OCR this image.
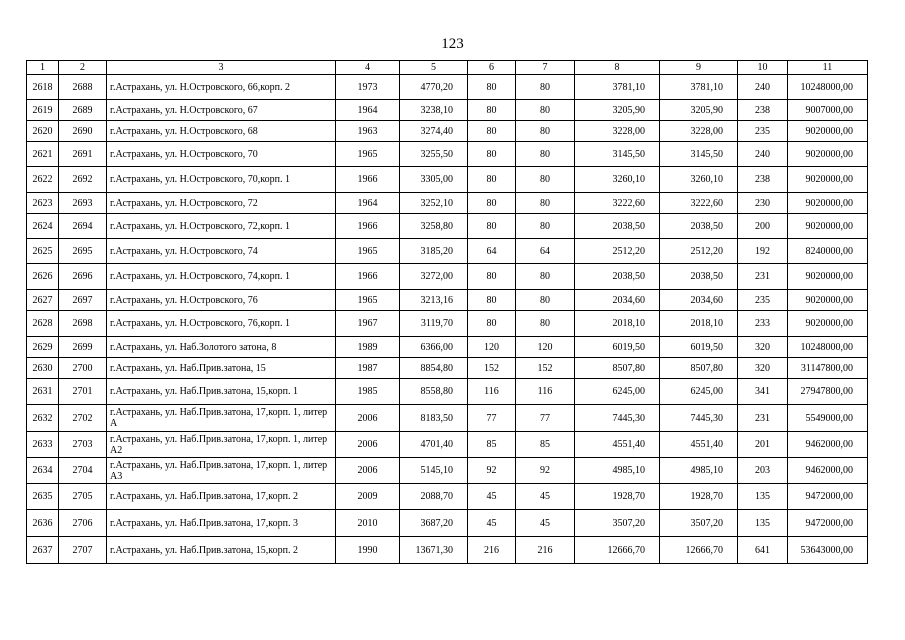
123
1	2	3	4	5	6	7	8	9	10	11
2618	2688	г.Астрахань, ул. Н.Островского, 66,корп. 2	1973	4770,20	80	80	3781,10	3781,10	240	10248000,00
2619	2689	г.Астрахань, ул. Н.Островского, 67	1964	3238,10	80	80	3205,90	3205,90	238	9007000,00
2620	2690	г.Астрахань, ул. Н.Островского, 68	1963	3274,40	80	80	3228,00	3228,00	235	9020000,00
2621	2691	г.Астрахань, ул. Н.Островского, 70	1965	3255,50	80	80	3145,50	3145,50	240	9020000,00
2622	2692	г.Астрахань, ул. Н.Островского, 70,корп. 1	1966	3305,00	80	80	3260,10	3260,10	238	9020000,00
2623	2693	г.Астрахань, ул. Н.Островского, 72	1964	3252,10	80	80	3222,60	3222,60	230	9020000,00
2624	2694	г.Астрахань, ул. Н.Островского, 72,корп. 1	1966	3258,80	80	80	2038,50	2038,50	200	9020000,00
2625	2695	г.Астрахань, ул. Н.Островского, 74	1965	3185,20	64	64	2512,20	2512,20	192	8240000,00
2626	2696	г.Астрахань, ул. Н.Островского, 74,корп. 1	1966	3272,00	80	80	2038,50	2038,50	231	9020000,00
2627	2697	г.Астрахань, ул. Н.Островского, 76	1965	3213,16	80	80	2034,60	2034,60	235	9020000,00
2628	2698	г.Астрахань, ул. Н.Островского, 76,корп. 1	1967	3119,70	80	80	2018,10	2018,10	233	9020000,00
2629	2699	г.Астрахань, ул. Наб.Золотого затона, 8	1989	6366,00	120	120	6019,50	6019,50	320	10248000,00
2630	2700	г.Астрахань, ул. Наб.Прив.затона, 15	1987	8854,80	152	152	8507,80	8507,80	320	31147800,00
2631	2701	г.Астрахань, ул. Наб.Прив.затона, 15,корп. 1	1985	8558,80	116	116	6245,00	6245,00	341	27947800,00
2632	2702	г.Астрахань, ул. Наб.Прив.затона, 17,корп. 1, литер А	2006	8183,50	77	77	7445,30	7445,30	231	5549000,00
2633	2703	г.Астрахань, ул. Наб.Прив.затона, 17,корп. 1, литер А2	2006	4701,40	85	85	4551,40	4551,40	201	9462000,00
2634	2704	г.Астрахань, ул. Наб.Прив.затона, 17,корп. 1, литер А3	2006	5145,10	92	92	4985,10	4985,10	203	9462000,00
2635	2705	г.Астрахань, ул. Наб.Прив.затона, 17,корп. 2	2009	2088,70	45	45	1928,70	1928,70	135	9472000,00
2636	2706	г.Астрахань, ул. Наб.Прив.затона, 17,корп. 3	2010	3687,20	45	45	3507,20	3507,20	135	9472000,00
2637	2707	г.Астрахань, ул. Наб.Прив.затона, 15,корп. 2	1990	13671,30	216	216	12666,70	12666,70	641	53643000,00
